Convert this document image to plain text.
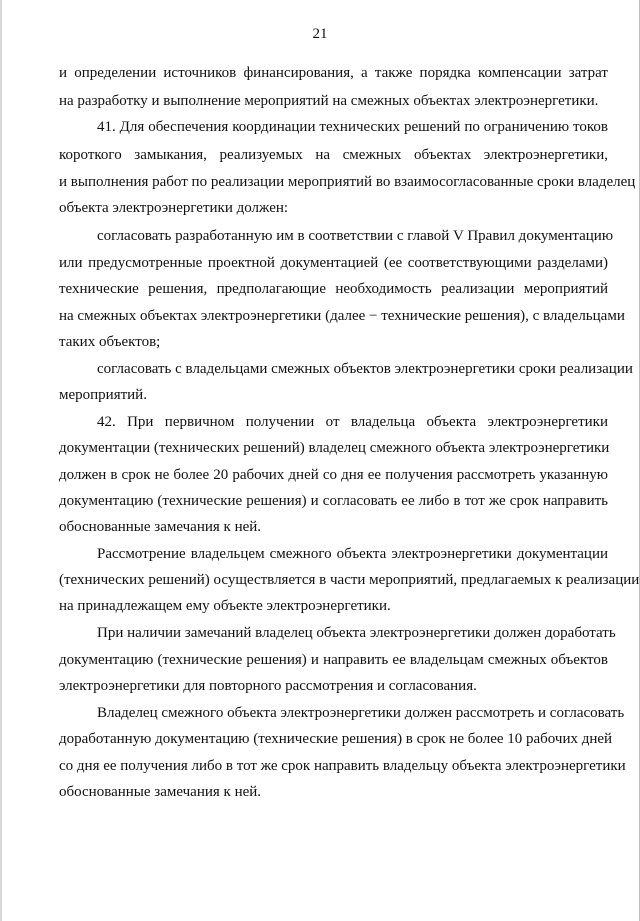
21
и определении источников финансирования, а также порядка компенсации затрат
на разработку и выполнение мероприятий на смежных объектах электроэнергетики.
41. Для обеспечения координации технических решений по ограничению токов
короткого замыкания, реализуемых на смежных объектах электроэнергетики,
и выполнения работ по реализации мероприятий во взаимосогласованные сроки владелец
объекта электроэнергетики должен:
согласовать разработанную им в соответствии с главой V Правил документацию
или предусмотренные проектной документацией (ее соответствующими разделами)
технические решения, предполагающие необходимость реализации мероприятий
на смежных объектах электроэнергетики (далее − технические решения), с владельцами
таких объектов;
согласовать с владельцами смежных объектов электроэнергетики сроки реализации
мероприятий.
42. При первичном получении от владельца объекта электроэнергетики
документации (технических решений) владелец смежного объекта электроэнергетики
должен в срок не более 20 рабочих дней со дня ее получения рассмотреть указанную
документацию (технические решения) и согласовать ее либо в тот же срок направить
обоснованные замечания к ней.
Рассмотрение владельцем смежного объекта электроэнергетики документации
(технических решений) осуществляется в части мероприятий, предлагаемых к реализации
на принадлежащем ему объекте электроэнергетики.
При наличии замечаний владелец объекта электроэнергетики должен доработать
документацию (технические решения) и направить ее владельцам смежных объектов
электроэнергетики для повторного рассмотрения и согласования.
Владелец смежного объекта электроэнергетики должен рассмотреть и согласовать
доработанную документацию (технические решения) в срок не более 10 рабочих дней
со дня ее получения либо в тот же срок направить владельцу объекта электроэнергетики
обоснованные замечания к ней.
